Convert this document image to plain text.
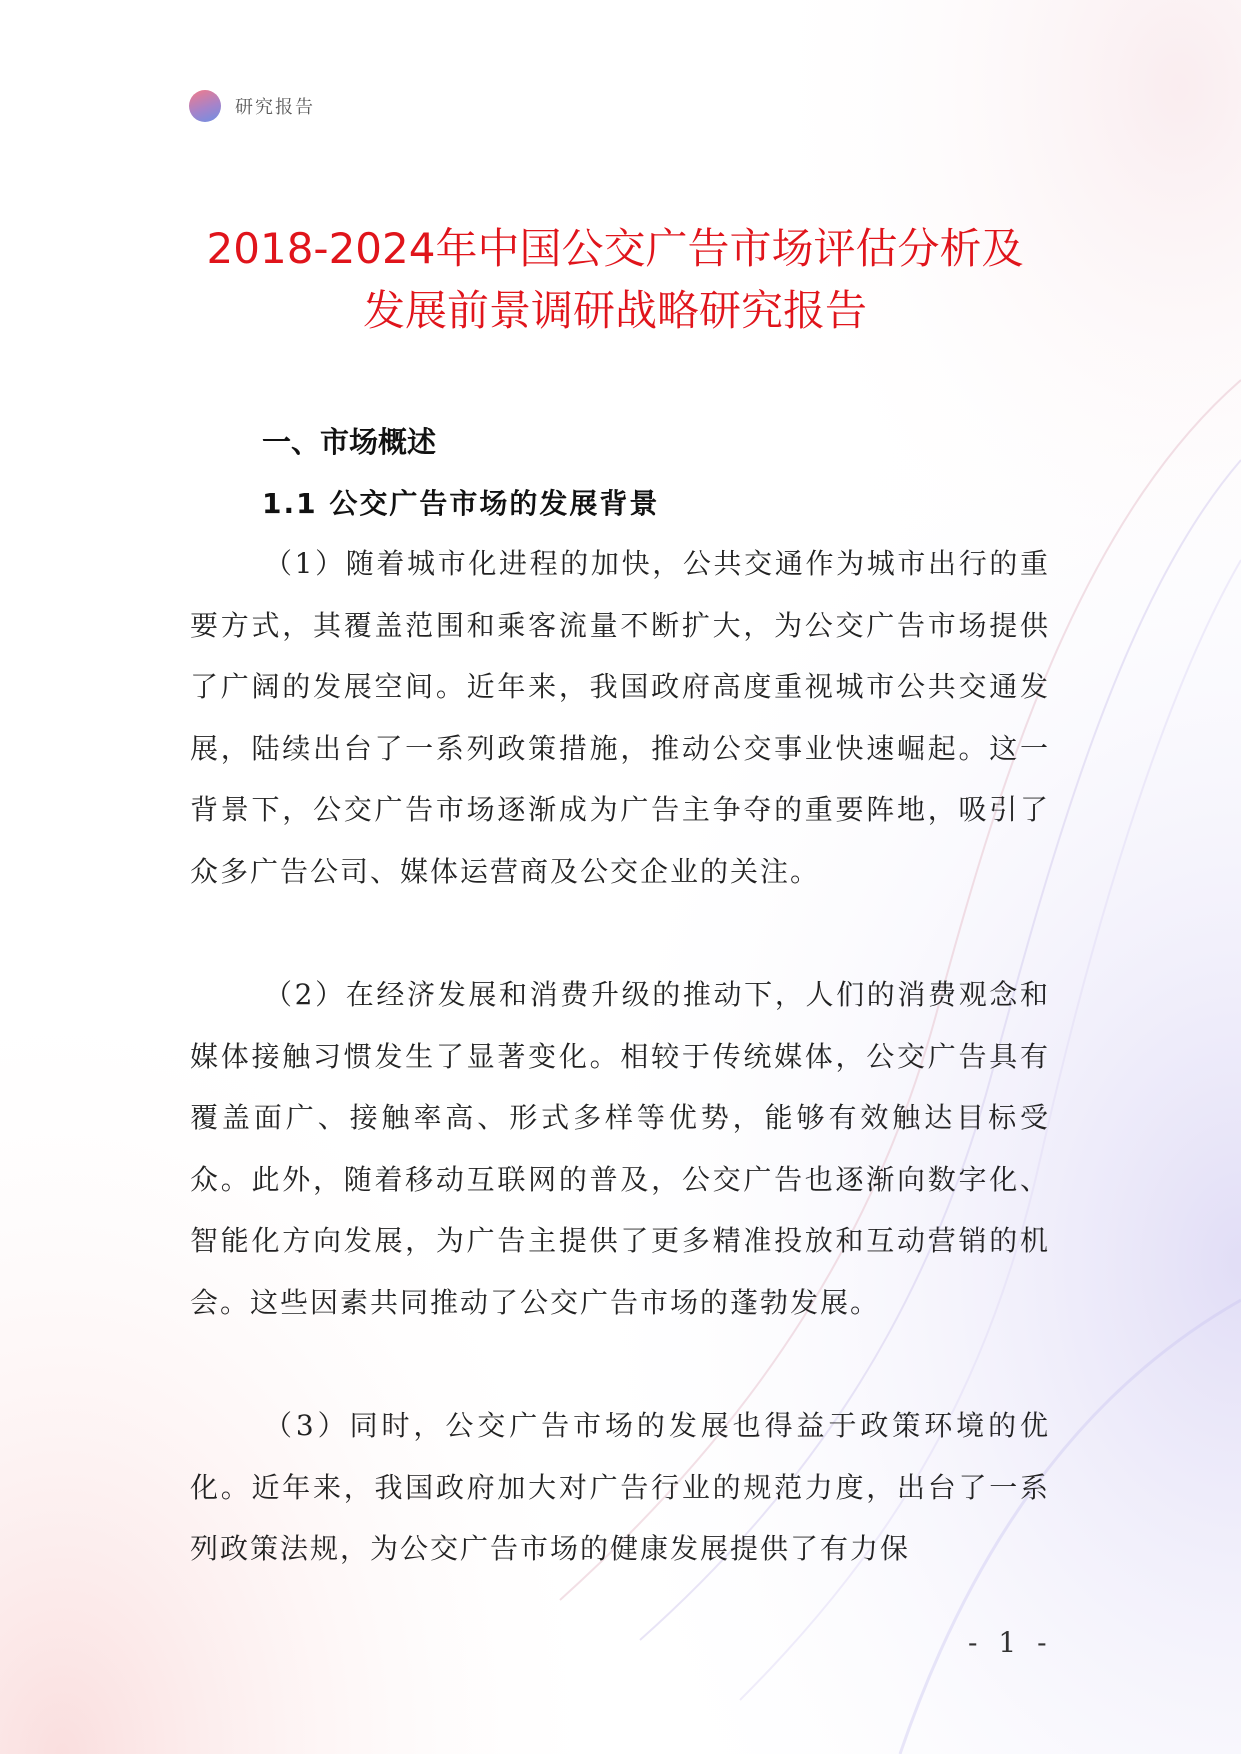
研究报告
2018-2024年中国公交广告市场评估分析及
发展前景调研战略研究报告
一、市场概述
1.1 公交广告市场的发展背景

（1）随着城市化进程的加快，公共交通作为城市出行的重要方式，其覆盖范围和乘客流量不断扩大，为公交广告市场提供了广阔的发展空间。近年来，我国政府高度重视城市公共交通发展，陆续出台了一系列政策措施，推动公交事业快速崛起。这一背景下，公交广告市场逐渐成为广告主争夺的重要阵地，吸引了众多广告公司、媒体运营商及公交企业的关注。

（2）在经济发展和消费升级的推动下，人们的消费观念和媒体接触习惯发生了显著变化。相较于传统媒体，公交广告具有覆盖面广、接触率高、形式多样等优势，能够有效触达目标受众。此外，随着移动互联网的普及，公交广告也逐渐向数字化、智能化方向发展，为广告主提供了更多精准投放和互动营销的机会。这些因素共同推动了公交广告市场的蓬勃发展。

（3）同时，公交广告市场的发展也得益于政策环境的优化。近年来，我国政府加大对广告行业的规范力度，出台了一系列政策法规，为公交广告市场的健康发展提供了有力保

- 1 -
